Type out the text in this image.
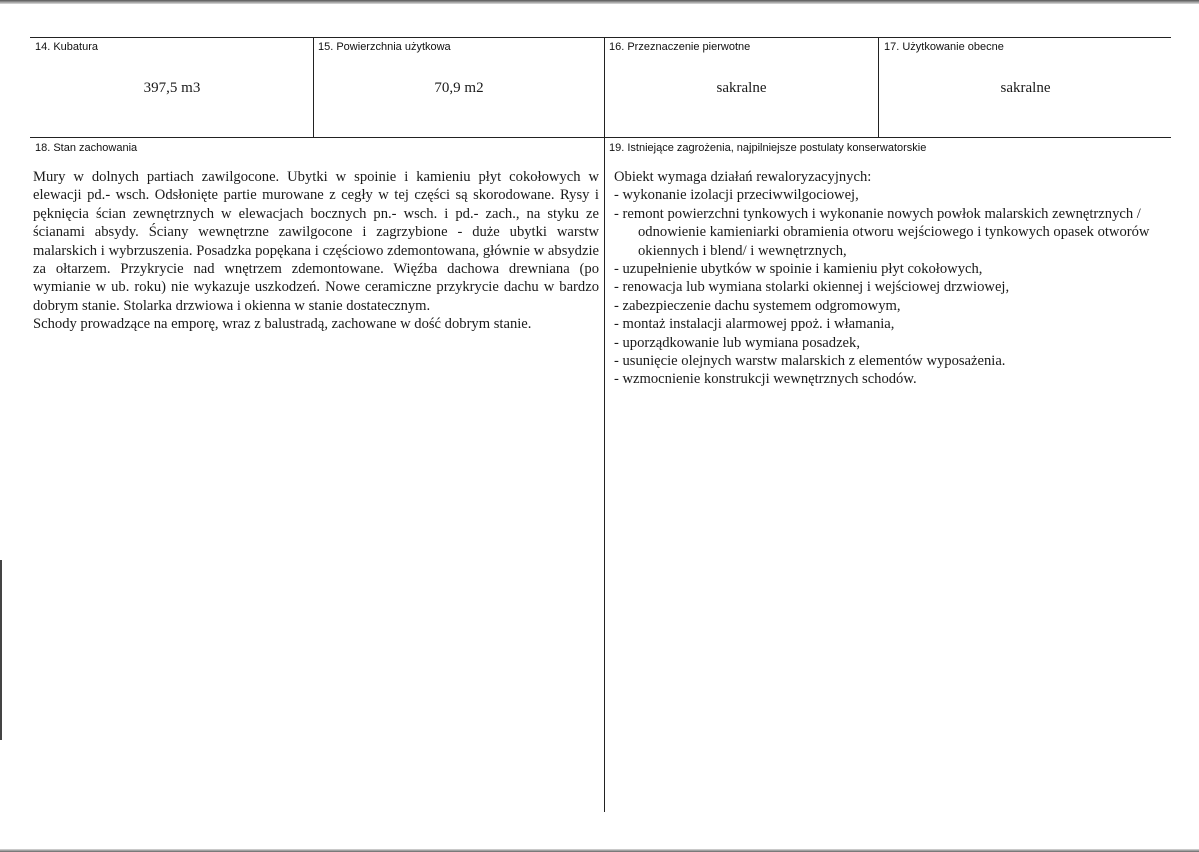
14. Kubatura
397,5 m3
15. Powierzchnia użytkowa
70,9 m2
16. Przeznaczenie pierwotne
sakralne
17. Użytkowanie obecne
sakralne
18. Stan zachowania

Mury w dolnych partiach zawilgocone. Ubytki w spoinie i kamieniu płyt cokołowych w elewacji pd.- wsch. Odsłonięte partie murowane z cegły w tej części są skorodowane. Rysy i pęknięcia ścian zewnętrznych w elewacjach bocznych pn.- wsch. i pd.- zach., na styku ze ścianami absydy. Ściany wewnętrzne zawilgocone i zagrzybione - duże ubytki warstw malarskich i wybrzuszenia. Posadzka popękana i częściowo zdemontowana, głównie w absydzie za ołtarzem. Przykrycie nad wnętrzem zdemontowane. Więźba dachowa drewniana (po wymianie w ub. roku) nie wykazuje uszkodzeń. Nowe ceramiczne przykrycie dachu w bardzo dobrym stanie. Stolarka drzwiowa i okienna w stanie dostatecznym.

Schody prowadzące na emporę, wraz z balustradą, zachowane w dość dobrym stanie.

19. Istniejące zagrożenia, najpilniejsze postulaty konserwatorskie

Obiekt wymaga działań rewaloryzacyjnych:

- wykonanie izolacji przeciwwilgociowej,
- remont powierzchni tynkowych i wykonanie nowych powłok malarskich zewnętrznych / odnowienie kamieniarki obramienia otworu wejściowego i tynkowych opasek otworów okiennych i blend/ i wewnętrznych,
- uzupełnienie ubytków w spoinie i kamieniu płyt cokołowych,
- renowacja lub wymiana stolarki okiennej i wejściowej drzwiowej,
- zabezpieczenie dachu systemem odgromowym,
- montaż instalacji alarmowej ppoż. i włamania,
- uporządkowanie lub wymiana posadzek,
- usunięcie olejnych warstw malarskich z elementów wyposażenia.
- wzmocnienie konstrukcji wewnętrznych schodów.
